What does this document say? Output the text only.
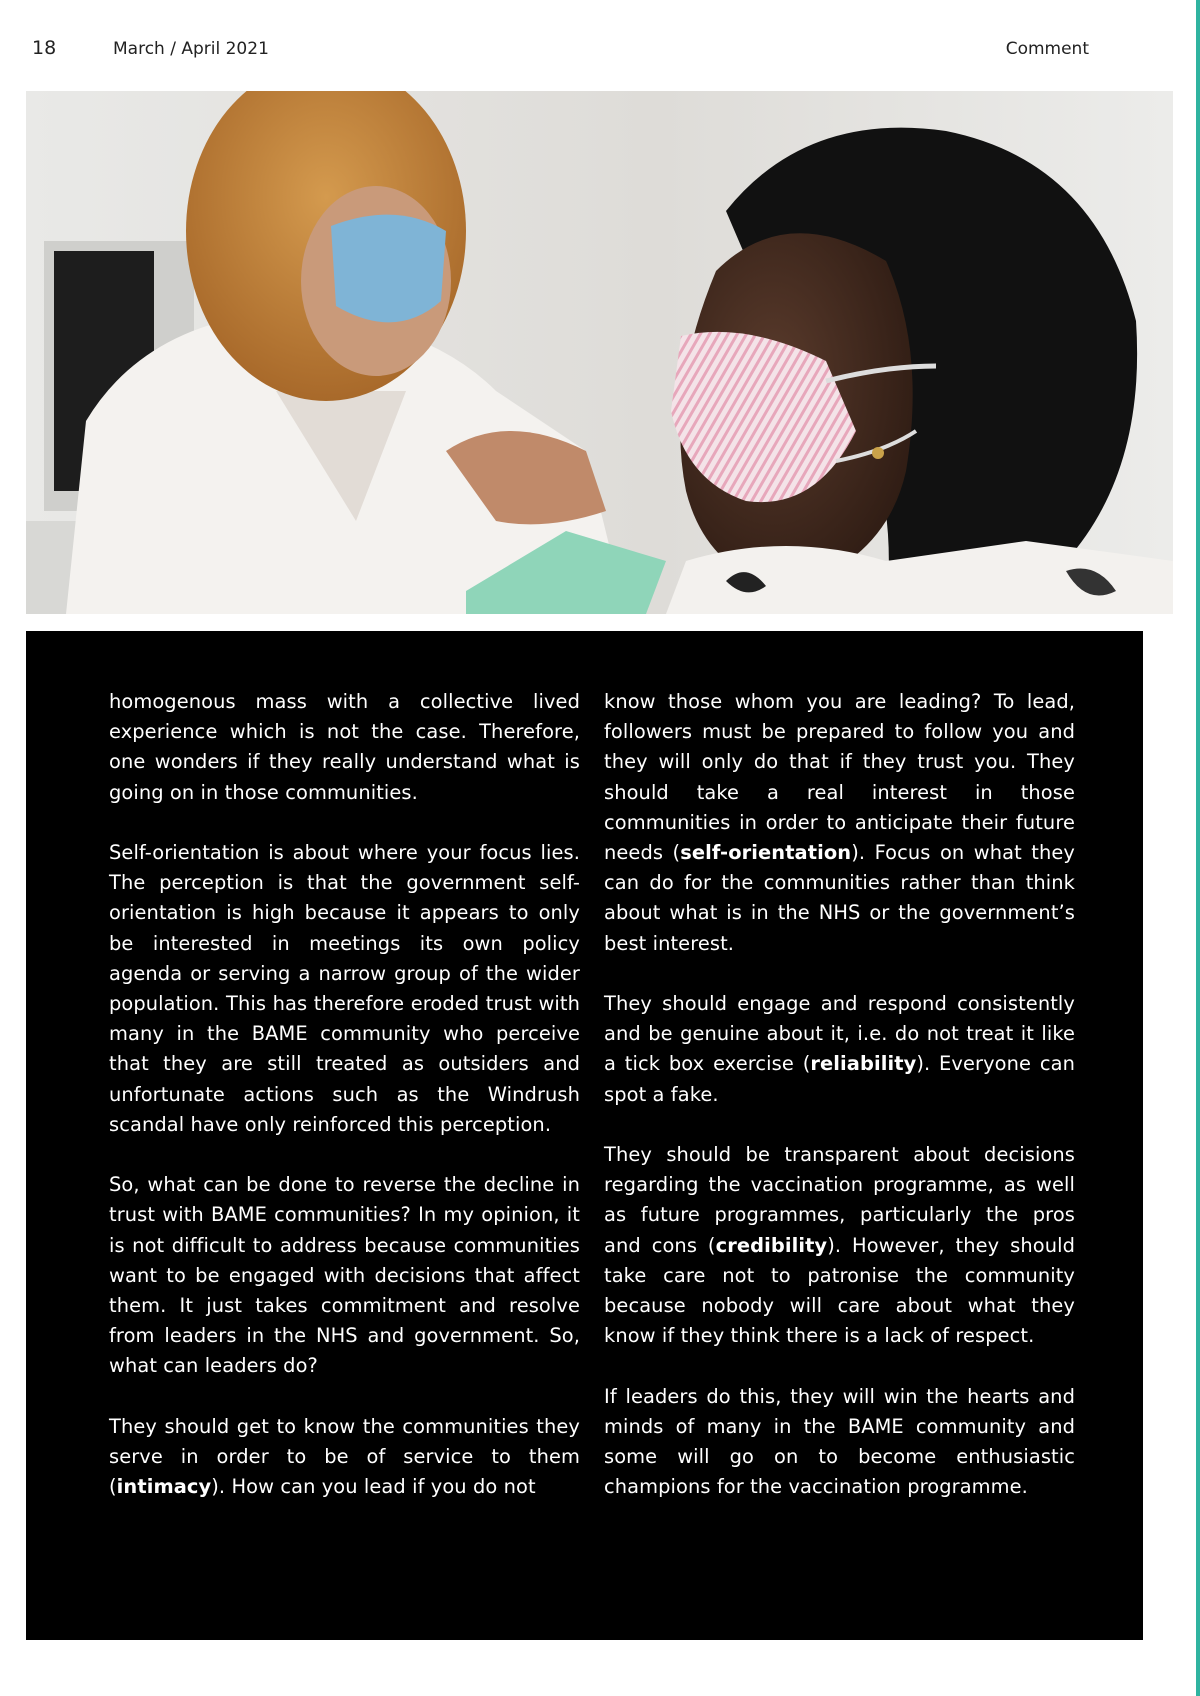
18	March / April 2021	Comment

homogenous mass with a collective lived experience which is not the case. Therefore, one wonders if they really understand what is going on in those communities.

Self-orientation is about where your focus lies. The perception is that the government self-orientation is high because it appears to only be interested in meetings its own policy agenda or serving a narrow group of the wider population. This has therefore eroded trust with many in the BAME community who perceive that they are still treated as outsiders and unfortunate actions such as the Windrush scandal have only reinforced this perception.

So, what can be done to reverse the decline in trust with BAME communities? In my opinion, it is not difficult to address because communities want to be engaged with decisions that affect them. It just takes commitment and resolve from leaders in the NHS and government. So, what can leaders do?

They should get to know the communities they serve in order to be of service to them (intimacy). How can you lead if you do not

know those whom you are leading? To lead, followers must be prepared to follow you and they will only do that if they trust you. They should take a real interest in those communities in order to anticipate their future needs (self-orientation). Focus on what they can do for the communities rather than think about what is in the NHS or the government’s best interest.

They should engage and respond consistently and be genuine about it, i.e. do not treat it like a tick box exercise (reliability). Everyone can spot a fake.

They should be transparent about decisions regarding the vaccination programme, as well as future programmes, particularly the pros and cons (credibility). However, they should take care not to patronise the community because nobody will care about what they know if they think there is a lack of respect.

If leaders do this, they will win the hearts and minds of many in the BAME community and some will go on to become enthusiastic champions for the vaccination programme.
